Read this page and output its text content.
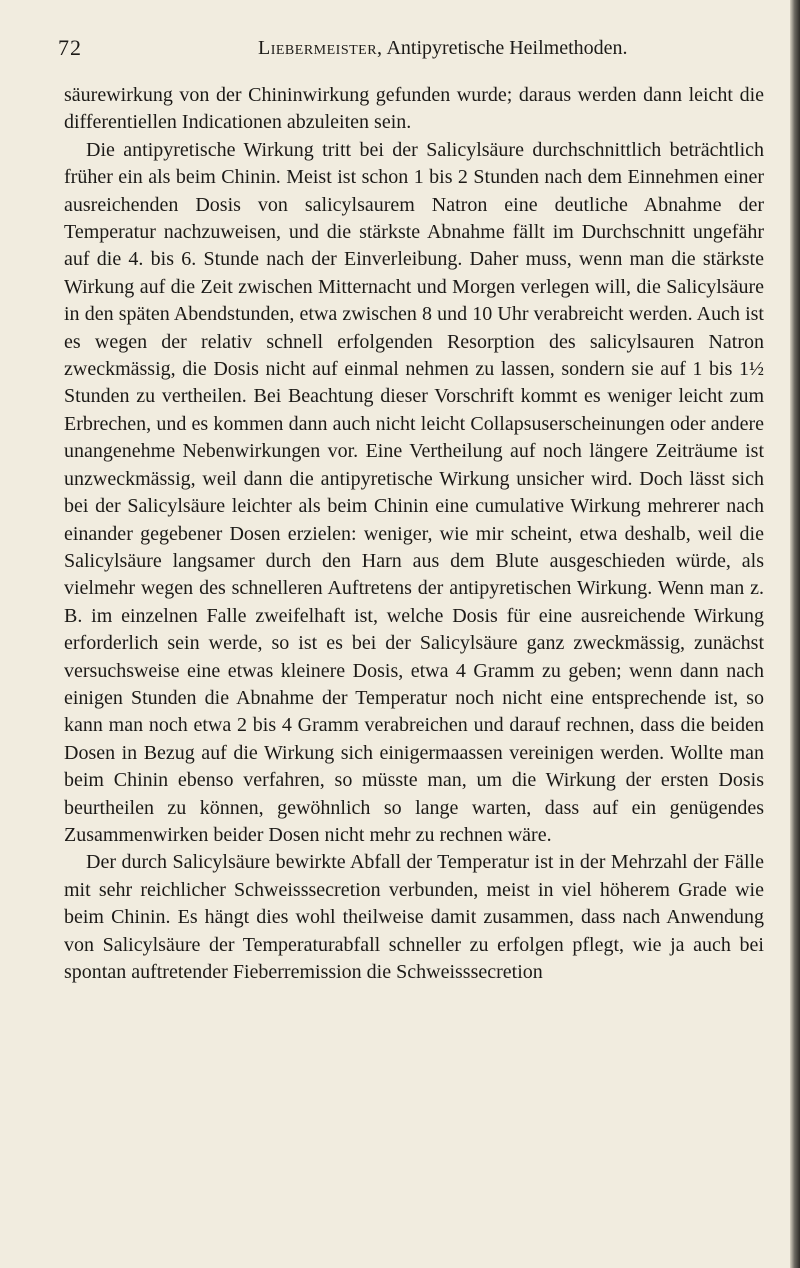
72	Liebermeister, Antipyretische Heilmethoden.

säurewirkung von der Chininwirkung gefunden wurde; daraus werden dann leicht die differentiellen Indicationen abzuleiten sein.

Die antipyretische Wirkung tritt bei der Salicylsäure durchschnittlich beträchtlich früher ein als beim Chinin. Meist ist schon 1 bis 2 Stunden nach dem Einnehmen einer ausreichenden Dosis von salicylsaurem Natron eine deutliche Abnahme der Temperatur nachzuweisen, und die stärkste Abnahme fällt im Durchschnitt ungefähr auf die 4. bis 6. Stunde nach der Einverleibung. Daher muss, wenn man die stärkste Wirkung auf die Zeit zwischen Mitternacht und Morgen verlegen will, die Salicylsäure in den späten Abendstunden, etwa zwischen 8 und 10 Uhr verabreicht werden. Auch ist es wegen der relativ schnell erfolgenden Resorption des salicylsauren Natron zweckmässig, die Dosis nicht auf einmal nehmen zu lassen, sondern sie auf 1 bis 1½ Stunden zu vertheilen. Bei Beachtung dieser Vorschrift kommt es weniger leicht zum Erbrechen, und es kommen dann auch nicht leicht Collapsuserscheinungen oder andere unangenehme Nebenwirkungen vor. Eine Vertheilung auf noch längere Zeiträume ist unzweckmässig, weil dann die antipyretische Wirkung unsicher wird. Doch lässt sich bei der Salicylsäure leichter als beim Chinin eine cumulative Wirkung mehrerer nach einander gegebener Dosen erzielen: weniger, wie mir scheint, etwa deshalb, weil die Salicylsäure langsamer durch den Harn aus dem Blute ausgeschieden würde, als vielmehr wegen des schnelleren Auftretens der antipyretischen Wirkung. Wenn man z. B. im einzelnen Falle zweifelhaft ist, welche Dosis für eine ausreichende Wirkung erforderlich sein werde, so ist es bei der Salicylsäure ganz zweckmässig, zunächst versuchsweise eine etwas kleinere Dosis, etwa 4 Gramm zu geben; wenn dann nach einigen Stunden die Abnahme der Temperatur noch nicht eine entsprechende ist, so kann man noch etwa 2 bis 4 Gramm verabreichen und darauf rechnen, dass die beiden Dosen in Bezug auf die Wirkung sich einigermaassen vereinigen werden. Wollte man beim Chinin ebenso verfahren, so müsste man, um die Wirkung der ersten Dosis beurtheilen zu können, gewöhnlich so lange warten, dass auf ein genügendes Zusammenwirken beider Dosen nicht mehr zu rechnen wäre.

Der durch Salicylsäure bewirkte Abfall der Temperatur ist in der Mehrzahl der Fälle mit sehr reichlicher Schweisssecretion verbunden, meist in viel höherem Grade wie beim Chinin. Es hängt dies wohl theilweise damit zusammen, dass nach Anwendung von Salicylsäure der Temperaturabfall schneller zu erfolgen pflegt, wie ja auch bei spontan auftretender Fieberremission die Schweisssecretion
